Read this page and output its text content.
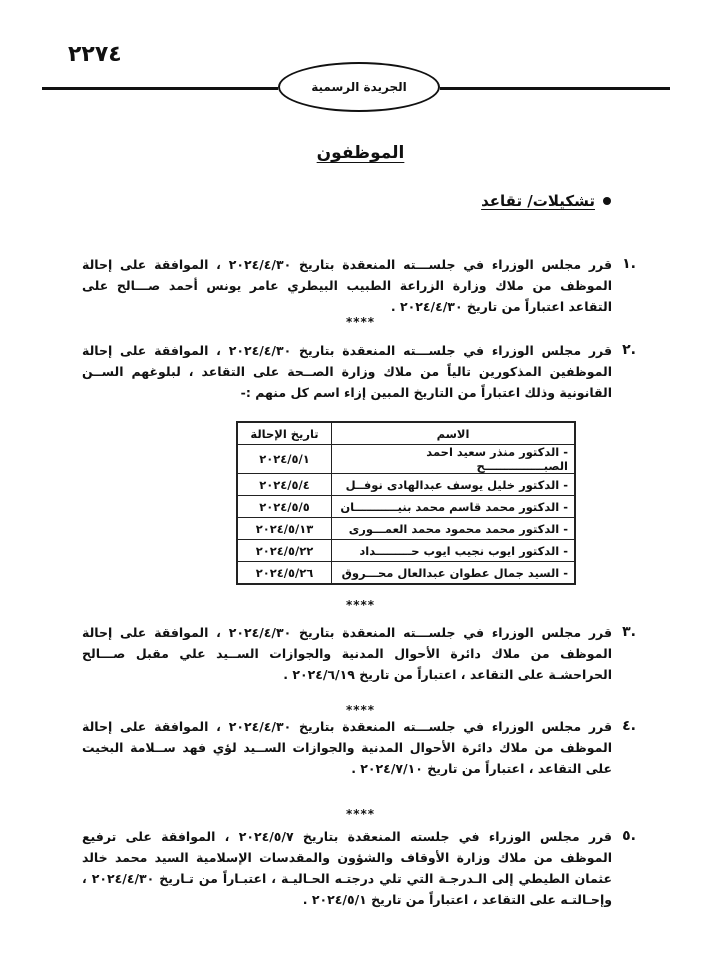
٢٢٧٤
الجريدة الرسمية
الموظفون
تشكيلات/ تقاعد
.١
قرر مجلس الوزراء في جلســـته المنعقدة بتاريخ ٢٠٢٤/٤/٣٠ ، الموافقة على إحالة الموظف من ملاك وزارة الزراعة الطبيب البيطري عامر يونس أحمد صـــالح على التقاعد اعتباراً من تاريخ ٢٠٢٤/٤/٣٠ .
****
.٢
قرر مجلس الوزراء في جلســـته المنعقدة بتاريخ ٢٠٢٤/٤/٣٠ ، الموافقة على إحالة الموظفين المذكورين تالياً من ملاك وزارة الصــحة على التقاعد ، لبلوغهم الســن القانونية وذلك اعتباراً من التاريخ المبين إزاء اسم كل منهم :-
الاسم	تاريخ الإحالة
- الدكتور منذر سعيد احمد الصبـــــــــــــــح	٢٠٢٤/٥/١
- الدكتور خليل يوسف عبدالهادى نوفــل	٢٠٢٤/٥/٤
- الدكتور محمد قاسم محمد بنيـــــــــــان	٢٠٢٤/٥/٥
- الدكتور محمد محمود محمد العمـــورى	٢٠٢٤/٥/١٣
- الدكتور ايوب نجيب ايوب حـــــــــداد	٢٠٢٤/٥/٢٢
- السيد جمال عطوان عبدالعال محـــروق	٢٠٢٤/٥/٢٦
****
.٣
قرر مجلس الوزراء في جلســـته المنعقدة بتاريخ ٢٠٢٤/٤/٣٠ ، الموافقة على إحالة الموظف من ملاك دائرة الأحوال المدنية والجوازات الســيد علي مقبل صـــالح الحراحشـة على التقاعد ، اعتباراً من تاريخ ٢٠٢٤/٦/١٩ .
****
.٤
قرر مجلس الوزراء في جلســـته المنعقدة بتاريخ ٢٠٢٤/٤/٣٠ ، الموافقة على إحالة الموظف من ملاك دائرة الأحوال المدنية والجوازات الســيد لؤي فهد ســلامة البخيت على التقاعد ، اعتباراً من تاريخ ٢٠٢٤/٧/١٠ .
****
.٥
قرر مجلس الوزراء في جلسته المنعقدة بتاريخ ٢٠٢٤/٥/٧ ، الموافقة على ترفيع الموظف من ملاك وزارة الأوقاف والشؤون والمقدسات الإسلامية السيد محمد خالد عثمان الطيطي إلى الـدرجـة التي تلي درجتـه الحـاليـة ، اعتبـاراً من تـاريخ ٢٠٢٤/٤/٣٠ ، وإحـالتـه على التقاعد ، اعتباراً من تاريخ ٢٠٢٤/٥/١ .
